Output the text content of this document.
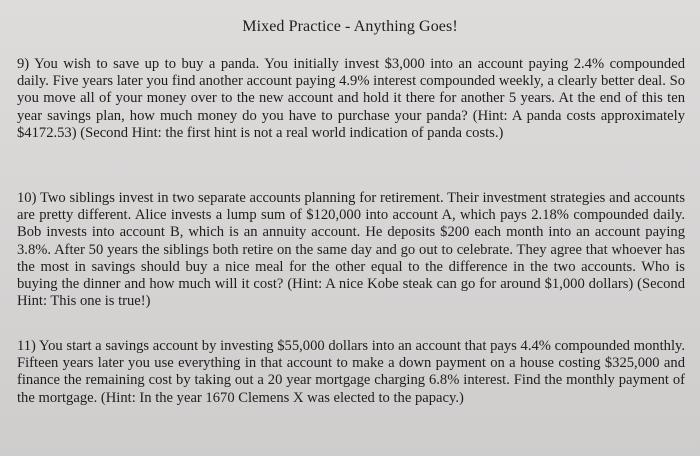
Mixed Practice - Anything Goes!

9) You wish to save up to buy a panda. You initially invest $3,000 into an account paying 2.4% compounded daily. Five years later you find another account paying 4.9% interest compounded weekly, a clearly better deal. So you move all of your money over to the new account and hold it there for another 5 years. At the end of this ten year savings plan, how much money do you have to purchase your panda? (Hint: A panda costs approximately $4172.53) (Second Hint: the first hint is not a real world indication of panda costs.)

10) Two siblings invest in two separate accounts planning for retirement. Their investment strategies and accounts are pretty different. Alice invests a lump sum of $120,000 into account A, which pays 2.18% compounded daily. Bob invests into account B, which is an annuity account. He deposits $200 each month into an account paying 3.8%. After 50 years the siblings both retire on the same day and go out to celebrate. They agree that whoever has the most in savings should buy a nice meal for the other equal to the difference in the two accounts. Who is buying the dinner and how much will it cost? (Hint: A nice Kobe steak can go for around $1,000 dollars) (Second Hint: This one is true!)

11) You start a savings account by investing $55,000 dollars into an account that pays 4.4% compounded monthly. Fifteen years later you use everything in that account to make a down payment on a house costing $325,000 and finance the remaining cost by taking out a 20 year mortgage charging 6.8% interest. Find the monthly payment of the mortgage. (Hint: In the year 1670 Clemens X was elected to the papacy.)
